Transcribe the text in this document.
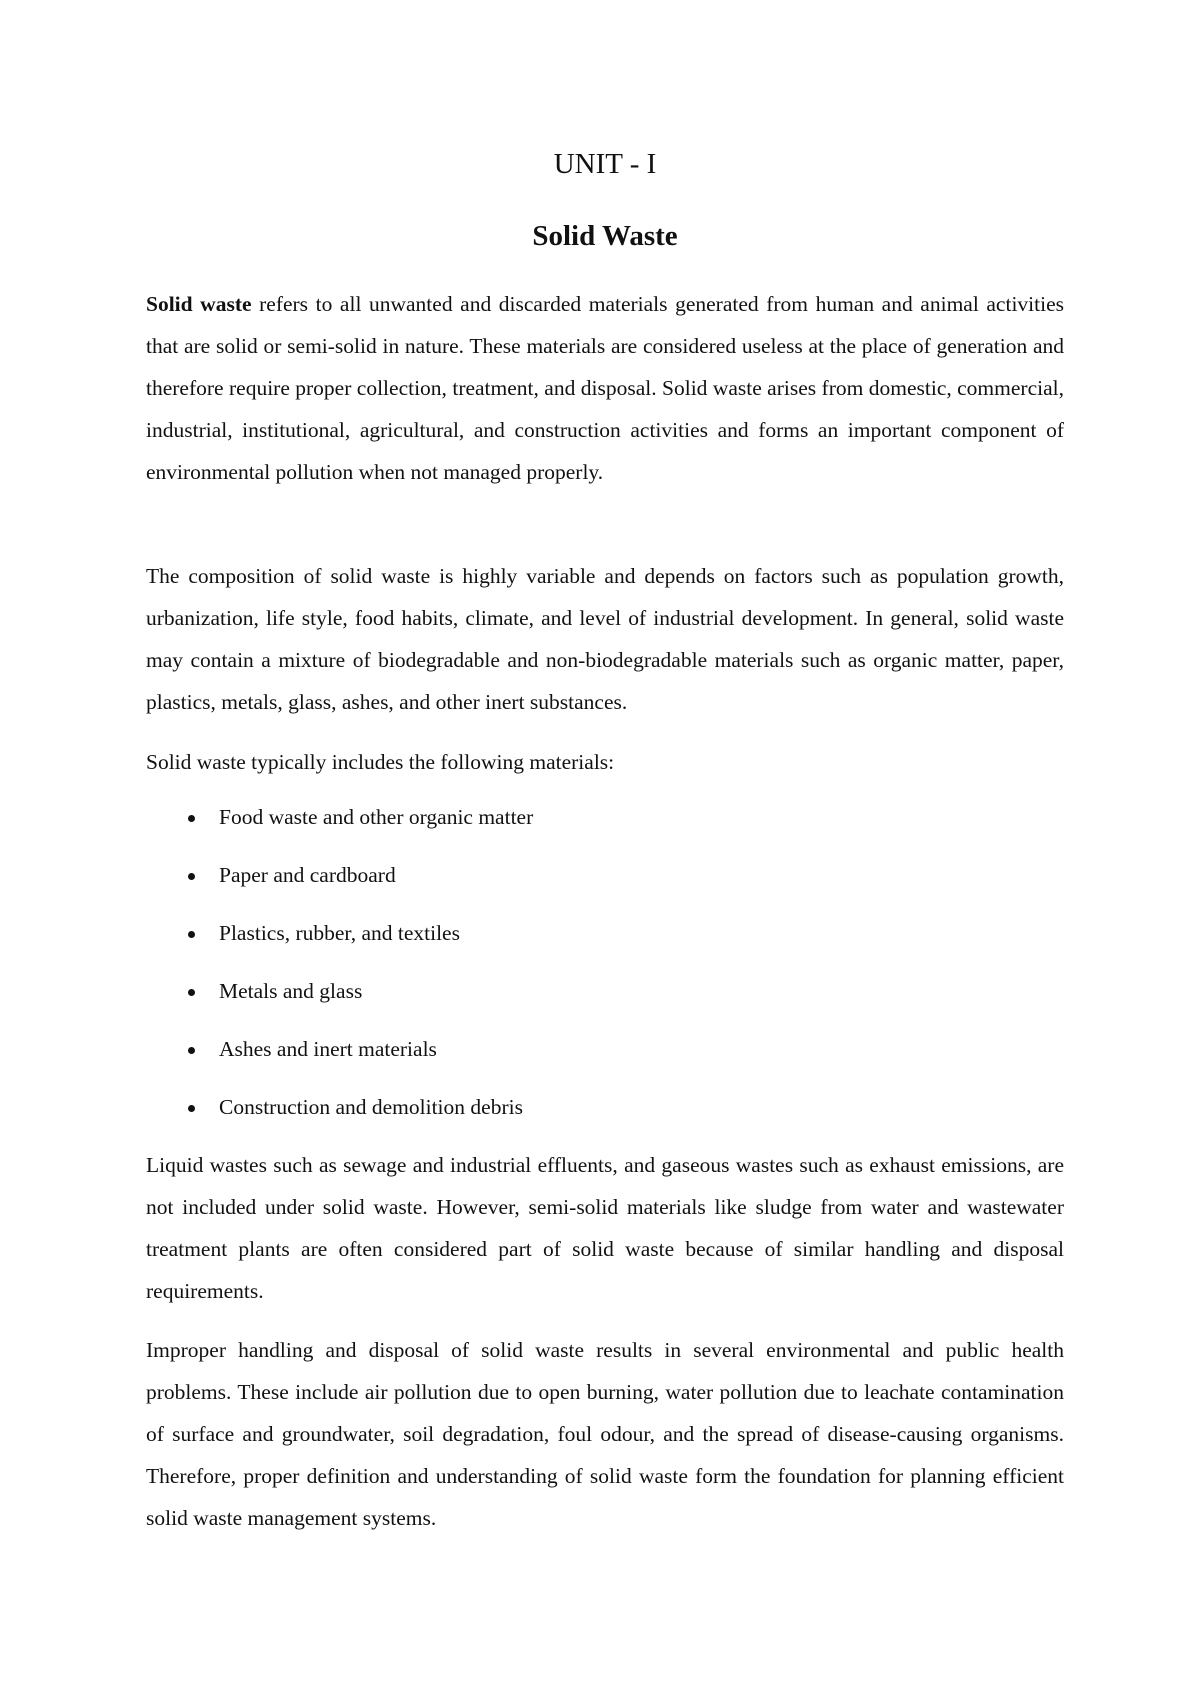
UNIT - I
Solid Waste

Solid waste refers to all unwanted and discarded materials generated from human and animal activities that are solid or semi-solid in nature. These materials are considered useless at the place of generation and therefore require proper collection, treatment, and disposal. Solid waste arises from domestic, commercial, industrial, institutional, agricultural, and construction activities and forms an important component of environmental pollution when not managed properly.

The composition of solid waste is highly variable and depends on factors such as population growth, urbanization, life style, food habits, climate, and level of industrial development. In general, solid waste may contain a mixture of biodegradable and non-biodegradable materials such as organic matter, paper, plastics, metals, glass, ashes, and other inert substances.

Solid waste typically includes the following materials:

Food waste and other organic matter
Paper and cardboard
Plastics, rubber, and textiles
Metals and glass
Ashes and inert materials
Construction and demolition debris

Liquid wastes such as sewage and industrial effluents, and gaseous wastes such as exhaust emissions, are not included under solid waste. However, semi-solid materials like sludge from water and wastewater treatment plants are often considered part of solid waste because of similar handling and disposal requirements.

Improper handling and disposal of solid waste results in several environmental and public health problems. These include air pollution due to open burning, water pollution due to leachate contamination of surface and groundwater, soil degradation, foul odour, and the spread of disease-causing organisms. Therefore, proper definition and understanding of solid waste form the foundation for planning efficient solid waste management systems.
